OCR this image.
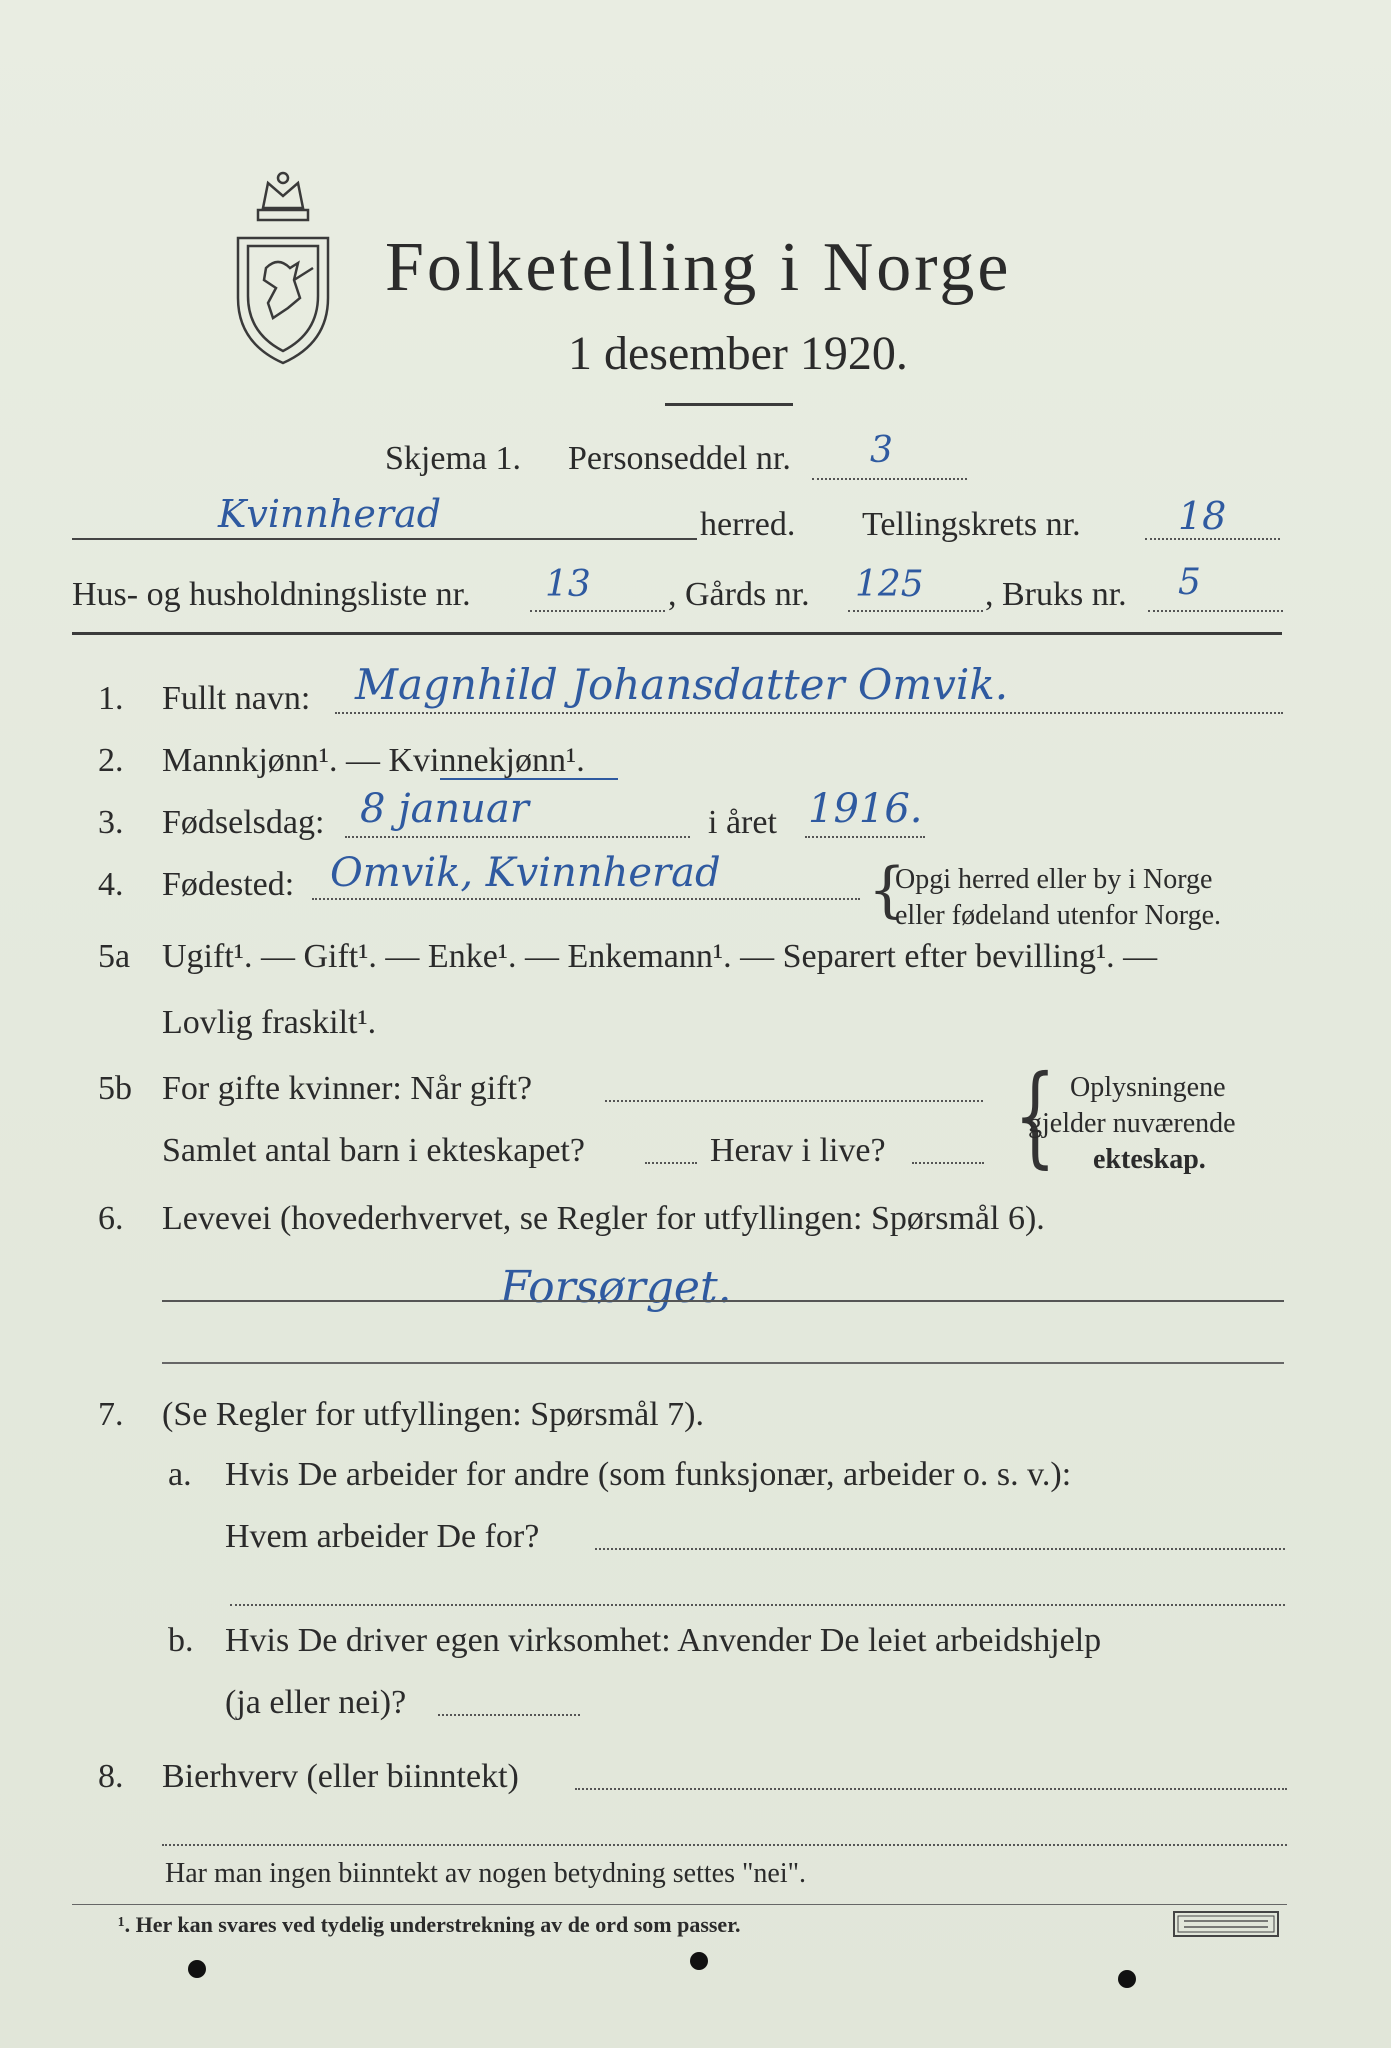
Folketelling i Norge
1 desember 1920.
Skjema 1. Personseddel nr. 3
Kvinnherad	herred. Tellingskrets nr.	18
Hus- og husholdningsliste nr. 13 , Gårds nr. 125 , Bruks nr. 5
1. Fullt navn: Magnhild Johansdatter Omvik.
2. Mannkjønn¹. — Kvinnekjønn¹.
3. Fødselsdag: 8 januar	i året 1916.
4. Fødested: Omvik, Kvinnherad {
Opgi herred eller by i Norge
eller fødeland utenfor Norge.
5a Ugift¹. — Gift¹. — Enke¹. — Enkemann¹. — Separert efter bevilling¹. —
Lovlig fraskilt¹.
5b For gifte kvinner: Når gift?
Samlet antal barn i ekteskapet?	Herav i live? { Oplysningene
gjelder nuværende
ekteskap.
6. Levevei (hovederhvervet, se Regler for utfyllingen: Spørsmål 6).
Forsørget.
7. (Se Regler for utfyllingen: Spørsmål 7).
a. Hvis De arbeider for andre (som funksjonær, arbeider o. s. v.):
Hvem arbeider De for?
b. Hvis De driver egen virksomhet: Anvender De leiet arbeidshjelp
(ja eller nei)?
8. Bierhverv (eller biinntekt)
Har man ingen biinntekt av nogen betydning settes "nei".
¹. Her kan svares ved tydelig understrekning av de ord som passer.
